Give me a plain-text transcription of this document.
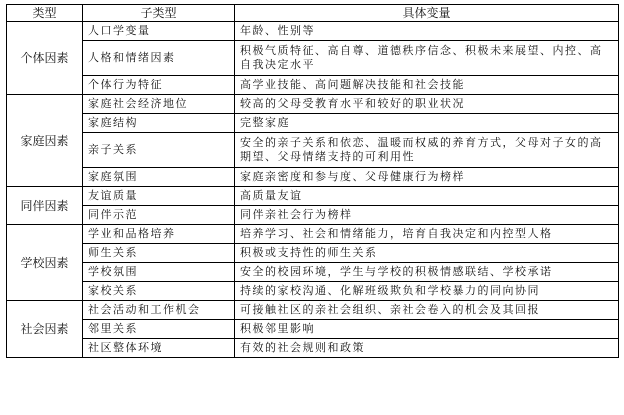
类型	子类型	具体变量
个体因素	人口学变量	年龄、性别等
	人格和情绪因素	积极气质特征、高自尊、道德秩序信念、积极未来展望、内控、高自我决定水平
	个体行为特征	高学业技能、高问题解决技能和社会技能
家庭因素	家庭社会经济地位	较高的父母受教育水平和较好的职业状况
	家庭结构	完整家庭
	亲子关系	安全的亲子关系和依恋、温暖而权威的养育方式，父母对子女的高期望、父母情绪支持的可利用性
	家庭氛围	家庭亲密度和参与度、父母健康行为榜样
同伴因素	友谊质量	高质量友谊
	同伴示范	同伴亲社会行为榜样
学校因素	学业和品格培养	培养学习、社会和情绪能力，培育自我决定和内控型人格
	师生关系	积极或支持性的师生关系
	学校氛围	安全的校园环境，学生与学校的积极情感联结、学校承诺
	家校关系	持续的家校沟通、化解班级欺负和学校暴力的同向协同
社会因素	社会活动和工作机会	可接触社区的亲社会组织、亲社会卷入的机会及其回报
	邻里关系	积极邻里影响
	社区整体环境	有效的社会规则和政策
